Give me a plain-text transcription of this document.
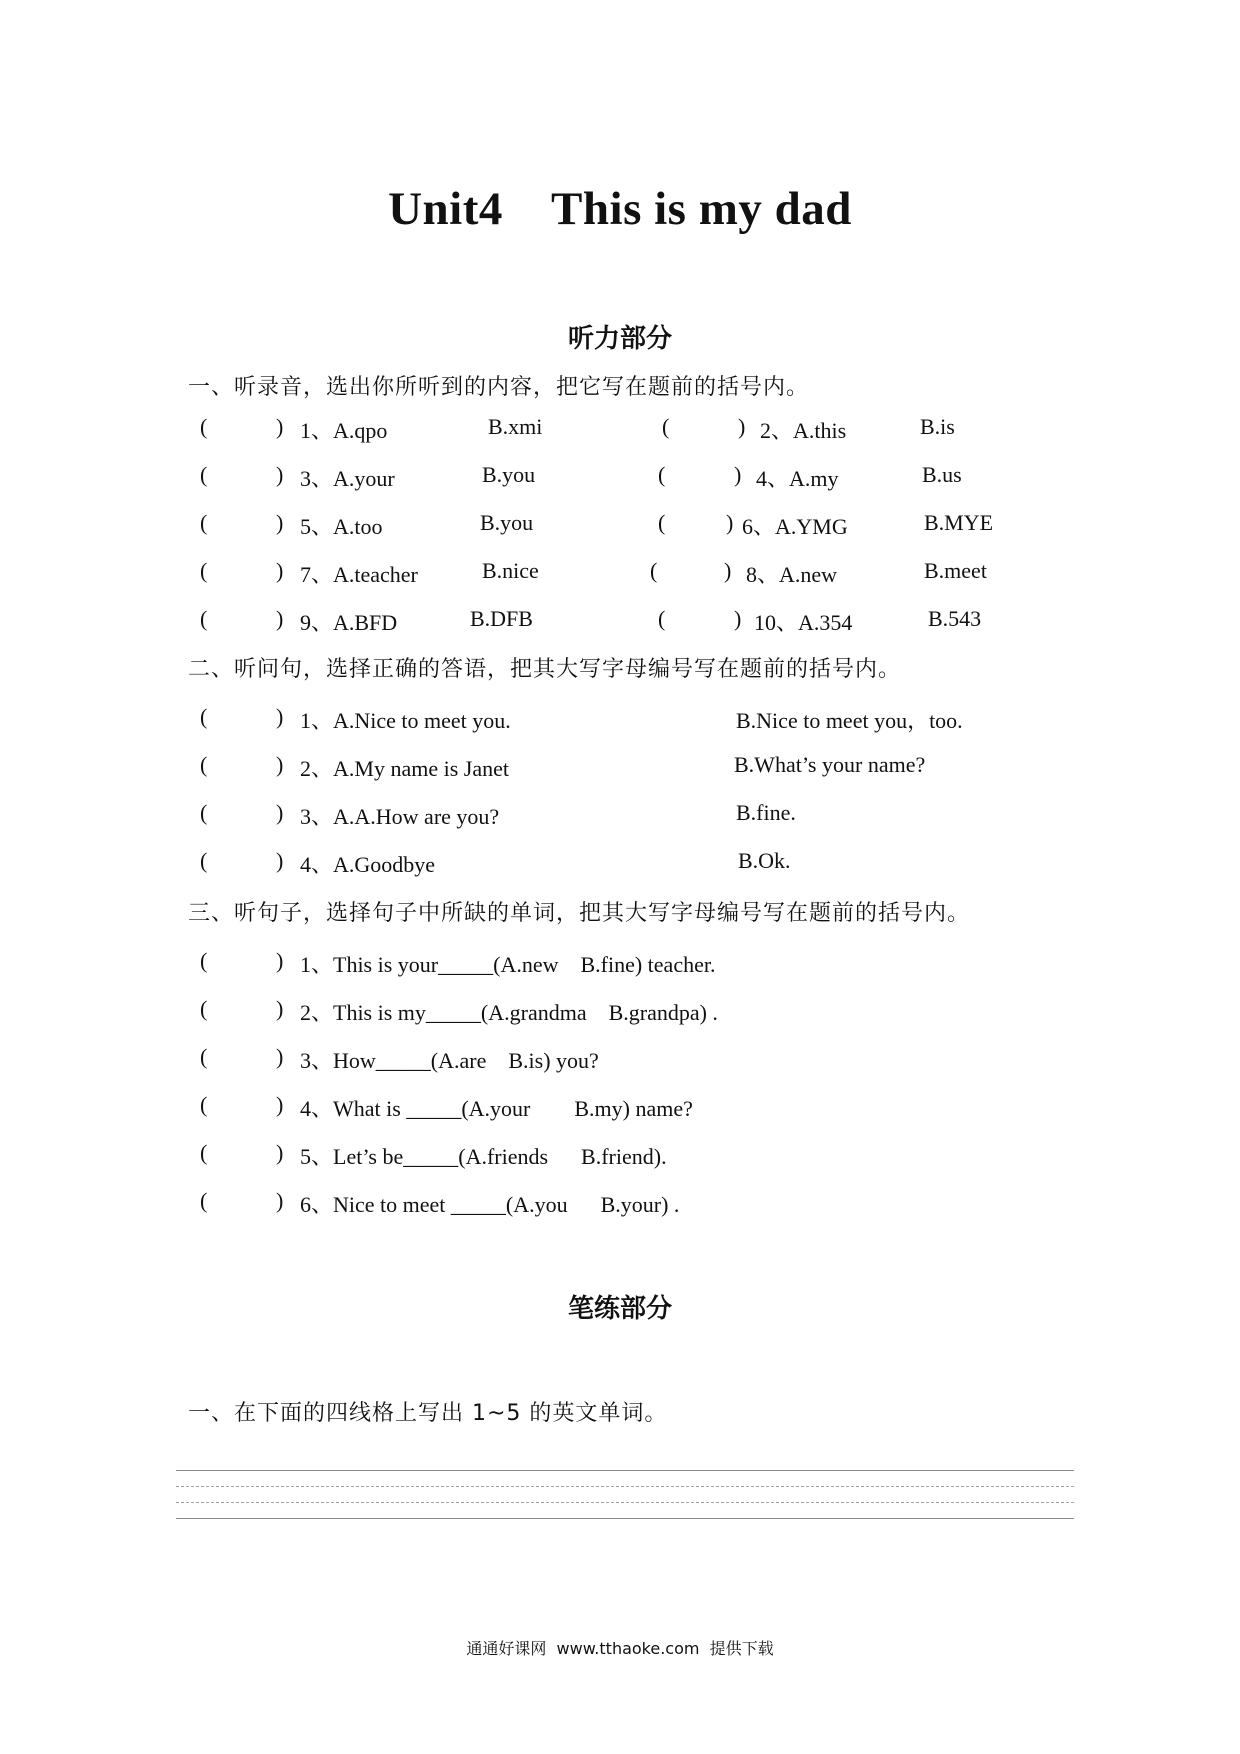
Unit4    This is my dad
听力部分
一、听录音，选出你所听到的内容，把它写在题前的括号内。
(	) 1、A.qpo	B.xmi	(	) 2、A.this	B.is
(	) 3、A.your	B.you	(	) 4、A.my	B.us
(	) 5、A.too	B.you	(	) 6、A.YMG	B.MYE
(	) 7、A.teacher	B.nice	(	) 8、A.new	B.meet
(	) 9、A.BFD	B.DFB	(	) 10、A.354	B.543
二、听问句，选择正确的答语，把其大写字母编号写在题前的括号内。
(	) 1、A.Nice to meet you.	B.Nice to meet you，too.
(	) 2、A.My name is Janet	B.What’s your name?
(	) 3、A.A.How are you?	B.fine.
(	) 4、A.Goodbye	B.Ok.
三、听句子，选择句子中所缺的单词，把其大写字母编号写在题前的括号内。
(	) 1、This is your_____(A.new    B.fine) teacher.
(	) 2、This is my_____(A.grandma    B.grandpa) .
(	) 3、How_____(A.are    B.is) you?
(	) 4、What is _____(A.your        B.my) name?
(	) 5、Let’s be_____(A.friends      B.friend).
(	) 6、Nice to meet _____(A.you      B.your) .
笔练部分
一、在下面的四线格上写出 1~5 的英文单词。
通通好课网  www.tthaoke.com  提供下载
